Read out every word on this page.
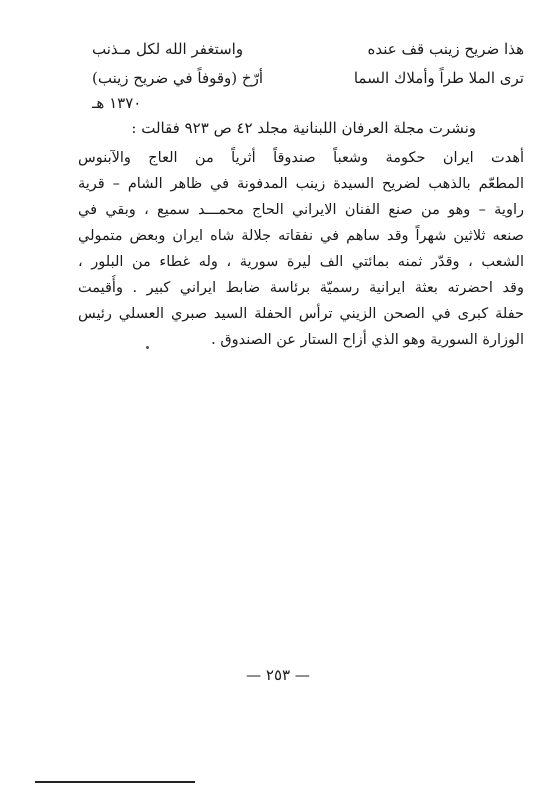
هذا ضريح زينب قف عنده
واستغفر الله لكل مـذنب
ترى الملا طراً وأملاك السما
أرّخ (وقوفاً في ضريح زينب)
١٣٧٠ هـ
ونشرت مجلة العرفان اللبنانية مجلد ٤٢ ص ٩٢٣ فقالت :
أهدت ايران حكومة وشعباً صندوقاً أثرياً من العاج والآبنوس
المطعّم بالذهب لضريح السيدة زينب المدفونة في ظاهر الشام – قرية
راوية – وهو من صنع الفنان الايراني الحاج محمـــد سميع ، وبقي في
صنعه ثلاثين شهراً وقد ساهم في نفقاته جلالة شاه ايران وبعض متمولي
الشعب ، وقدّر ثمنه بمائتي الف ليرة سورية ، وله غطاء من البلور ،
وقد احضرته بعثة ايرانية رسميّة برئاسة ضابط ايراني كبير . وأُقيمت
حفلة كبرى في الصحن الزيني ترأس الحفلة السيد صبري العسلي رئيس
الوزارة السورية وهو الذي أزاح الستار عن الصندوق .
— ٢٥٣ —
